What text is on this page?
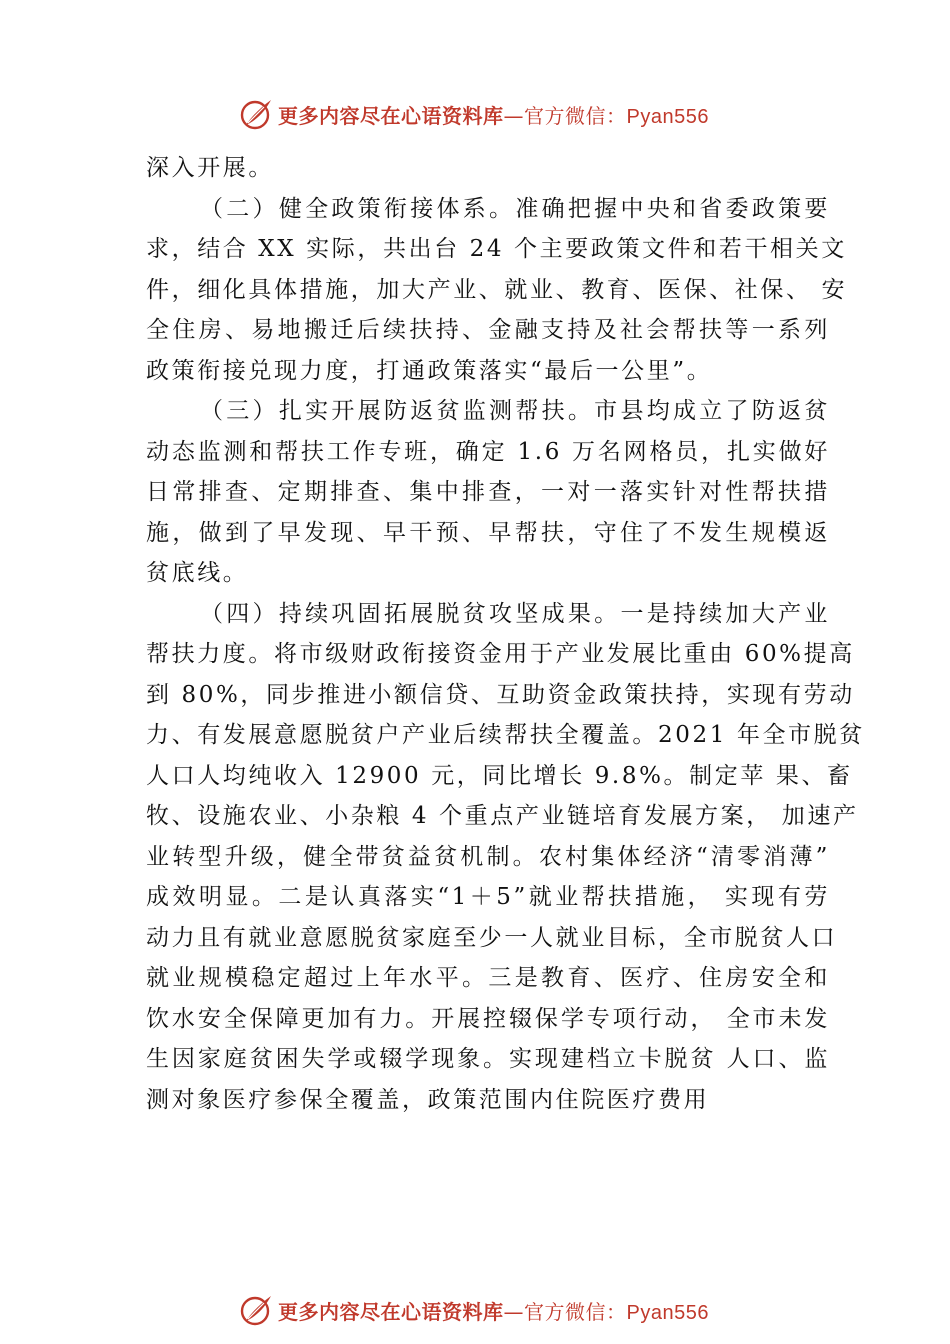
更多内容尽在心语资料库—官方微信：Pyan556
深入开展。
（二）健全政策衔接体系。准确把握中央和省委政策要
求，结合 XX 实际，共出台 24 个主要政策文件和若干相关文
件，细化具体措施，加大产业、就业、教育、医保、社保、 安
全住房、易地搬迁后续扶持、金融支持及社会帮扶等一系列
政策衔接兑现力度，打通政策落实“最后一公里”。
（三）扎实开展防返贫监测帮扶。市县均成立了防返贫
动态监测和帮扶工作专班，确定 1.6 万名网格员，扎实做好
日常排查、定期排查、集中排查，一对一落实针对性帮扶措
施，做到了早发现、早干预、早帮扶，守住了不发生规模返
贫底线。
（四）持续巩固拓展脱贫攻坚成果。一是持续加大产业
帮扶力度。将市级财政衔接资金用于产业发展比重由 60%提高
到 80%，同步推进小额信贷、互助资金政策扶持，实现有劳动
力、有发展意愿脱贫户产业后续帮扶全覆盖。2021 年全市脱贫
人口人均纯收入 12900 元，同比增长 9.8%。制定苹 果、畜
牧、设施农业、小杂粮 4 个重点产业链培育发展方案， 加速产
业转型升级，健全带贫益贫机制。农村集体经济“清零消薄”
成效明显。二是认真落实“1＋5”就业帮扶措施， 实现有劳
动力且有就业意愿脱贫家庭至少一人就业目标，全市脱贫人口
就业规模稳定超过上年水平。三是教育、医疗、住房安全和
饮水安全保障更加有力。开展控辍保学专项行动， 全市未发
生因家庭贫困失学或辍学现象。实现建档立卡脱贫 人口、监
测对象医疗参保全覆盖，政策范围内住院医疗费用
更多内容尽在心语资料库—官方微信：Pyan556
